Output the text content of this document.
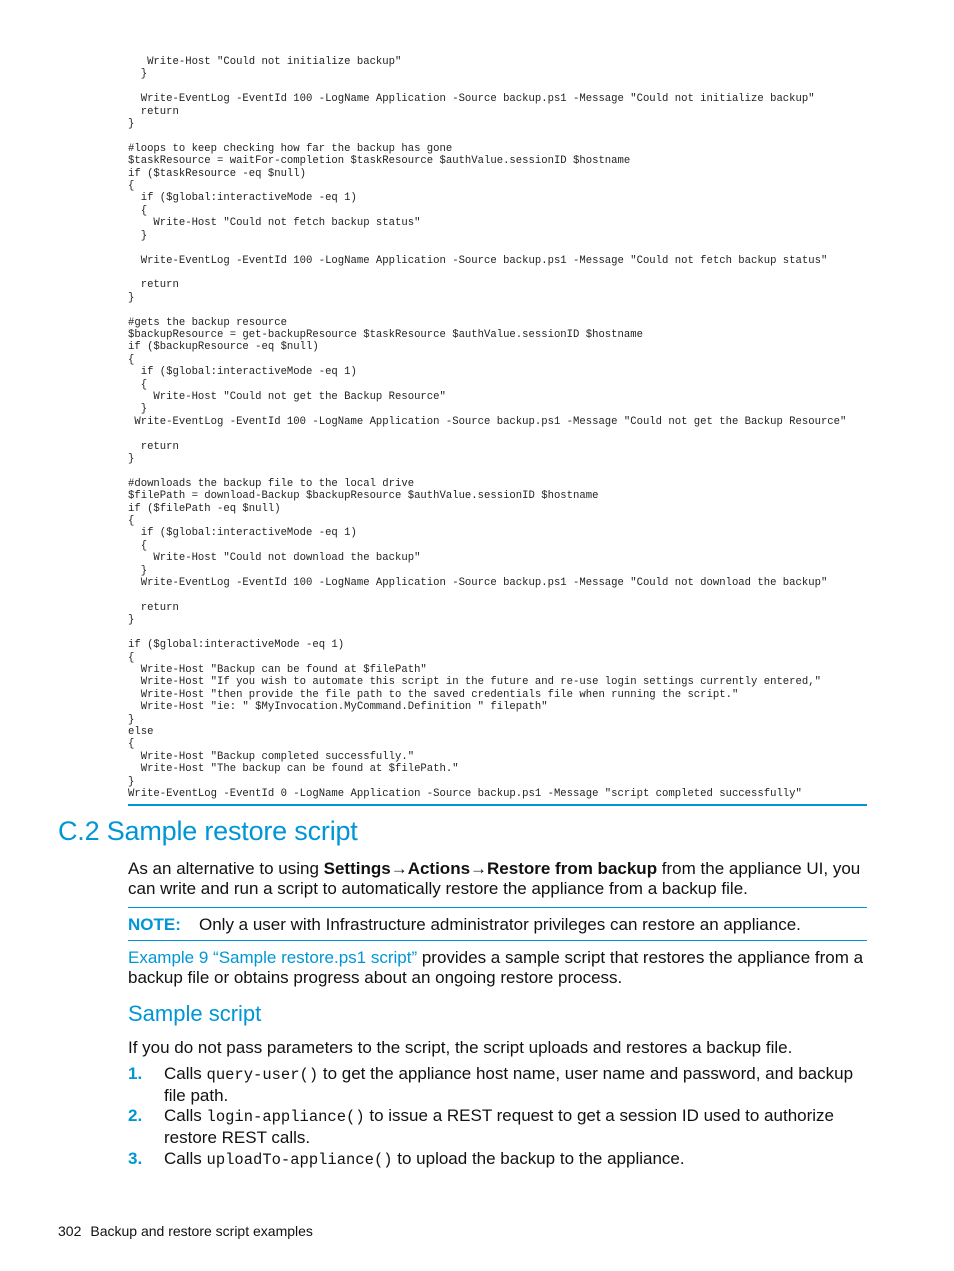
Write-Host "Could not initialize backup"
}

Write-EventLog -EventId 100 -LogName Application -Source backup.ps1 -Message "Could not initialize backup"
return
}

#loops to keep checking how far the backup has gone
$taskResource = waitFor-completion $taskResource $authValue.sessionID $hostname
if ($taskResource -eq $null)
{
if ($global:interactiveMode -eq 1)
{
Write-Host "Could not fetch backup status"
}

Write-EventLog -EventId 100 -LogName Application -Source backup.ps1 -Message "Could not fetch backup status"

return
}

#gets the backup resource
$backupResource = get-backupResource $taskResource $authValue.sessionID $hostname
if ($backupResource -eq $null)
{
if ($global:interactiveMode -eq 1)
{
Write-Host "Could not get the Backup Resource"
}
Write-EventLog -EventId 100 -LogName Application -Source backup.ps1 -Message "Could not get the Backup Resource"

return
}

#downloads the backup file to the local drive
$filePath = download-Backup $backupResource $authValue.sessionID $hostname
if ($filePath -eq $null)
{
if ($global:interactiveMode -eq 1)
{
Write-Host "Could not download the backup"
}
Write-EventLog -EventId 100 -LogName Application -Source backup.ps1 -Message "Could not download the backup"

return
}

if ($global:interactiveMode -eq 1)
{
Write-Host "Backup can be found at $filePath"
Write-Host "If you wish to automate this script in the future and re-use login settings currently entered,"
Write-Host "then provide the file path to the saved credentials file when running the script."
Write-Host "ie: " $MyInvocation.MyCommand.Definition " filepath"
}
else
{
Write-Host "Backup completed successfully."
Write-Host "The backup can be found at $filePath."
}
Write-EventLog -EventId 0 -LogName Application -Source backup.ps1 -Message "script completed successfully"
C.2 Sample restore script

As an alternative to using Settings→Actions→Restore from backup from the appliance UI, you can write and run a script to automatically restore the appliance from a backup file.

NOTE: Only a user with Infrastructure administrator privileges can restore an appliance.

Example 9 “Sample restore.ps1 script” provides a sample script that restores the appliance from a backup file or obtains progress about an ongoing restore process.

Sample script

If you do not pass parameters to the script, the script uploads and restores a backup file.

1. Calls query-user() to get the appliance host name, user name and password, and backup file path.
2. Calls login-appliance() to issue a REST request to get a session ID used to authorize restore REST calls.
3. Calls uploadTo-appliance() to upload the backup to the appliance.
302 Backup and restore script examples
